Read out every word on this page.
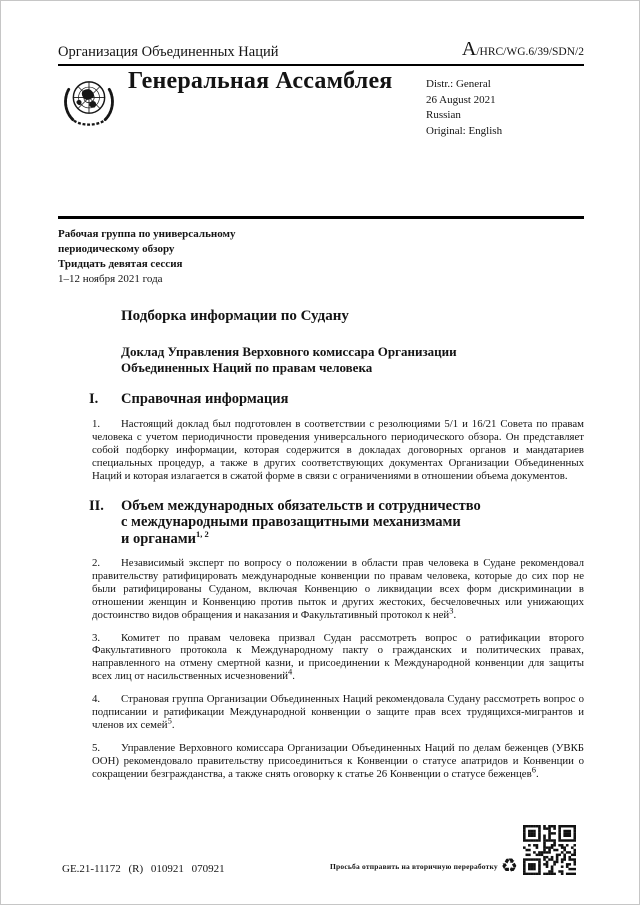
Организация Объединенных Наций	A/HRC/WG.6/39/SDN/2
Генеральная Ассамблея	Distr.: General
26 August 2021
Russian
Original: English
Рабочая группа по универсальному
периодическому обзору
Тридцать девятая сессия
1–12 ноября 2021 года
Подборка информации по Судану
Доклад Управления Верховного комиссара Организации
Объединенных Наций по правам человека
I.	Справочная информация

1. Настоящий доклад был подготовлен в соответствии с резолюциями 5/1 и 16/21 Совета по правам человека с учетом периодичности проведения универсального периодического обзора. Он представляет собой подборку информации, которая содержится в докладах договорных органов и мандатариев специальных процедур, а также в других соответствующих документах Организации Объединенных Наций и которая излагается в сжатой форме в связи с ограничениями в отношении объема документов.

II.	Объем международных обязательств и сотрудничество
с международными правозащитными механизмами
и органами$^{1, 2}$

2. Независимый эксперт по вопросу о положении в области прав человека в Судане рекомендовал правительству ратифицировать международные конвенции по правам человека, которые до сих пор не были ратифицированы Суданом, включая Конвенцию о ликвидации всех форм дискриминации в отношении женщин и Конвенцию против пыток и других жестоких, бесчеловечных или унижающих достоинство видов обращения и наказания и Факультативный протокол к ней$^3$.

3. Комитет по правам человека призвал Судан рассмотреть вопрос о ратификации второго Факультативного протокола к Международному пакту о гражданских и политических правах, направленного на отмену смертной казни, и присоединении к Международной конвенции для защиты всех лиц от насильственных исчезновений$^4$.

4. Страновая группа Организации Объединенных Наций рекомендовала Судану рассмотреть вопрос о подписании и ратификации Международной конвенции о защите прав всех трудящихся-мигрантов и членов их семей$^5$.

5. Управление Верховного комиссара Организации Объединенных Наций по делам беженцев (УВКБ ООН) рекомендовало правительству присоединиться к Конвенции о статусе апатридов и Конвенции о сокращении безгражданства, а также снять оговорку к статье 26 Конвенции о статусе беженцев$^6$.

GE.21-11172 (R) 010921 070921	Просьба отправить на вторичную переработку ♻
